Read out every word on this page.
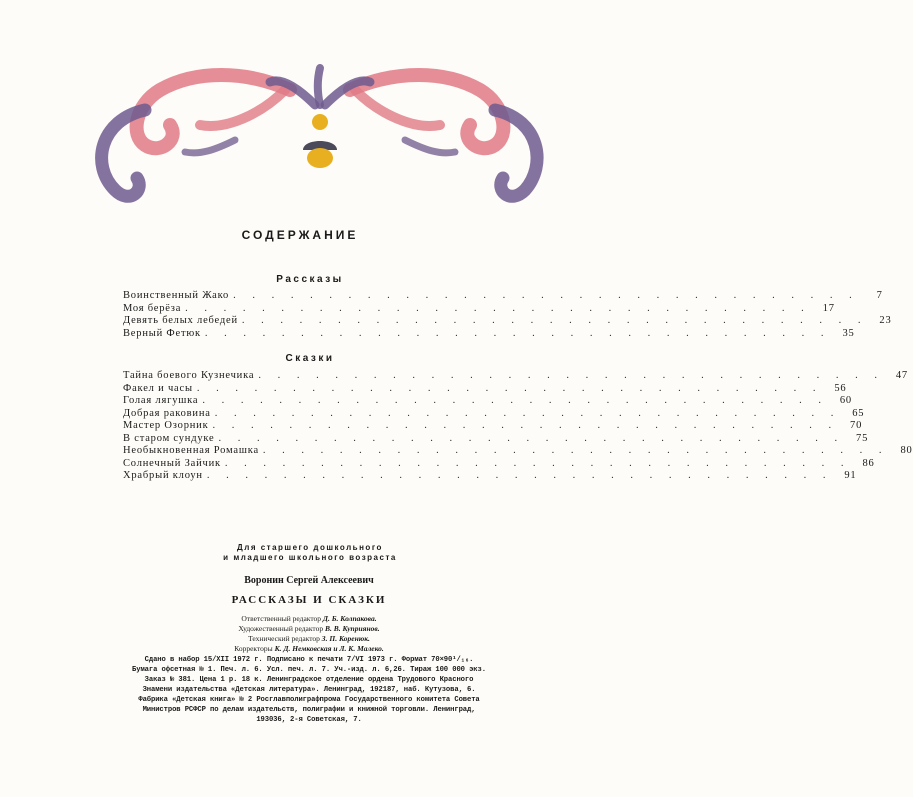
СОДЕРЖАНИЕ
Рассказы
Воинственный Жако . . . . . . . . . . . . . . . . . . . . . . . . . . . . . . . . .	7
Моя берёза . . . . . . . . . . . . . . . . . . . . . . . . . . . . . . . . .	17
Девять белых лебедей . . . . . . . . . . . . . . . . . . . . . . . . . . . . . . . . .	23
Верный Фетюк . . . . . . . . . . . . . . . . . . . . . . . . . . . . . . . . .	35
Сказки
Тайна боевого Кузнечика . . . . . . . . . . . . . . . . . . . . . . . . . . . . . . . . .	47
Факел и часы . . . . . . . . . . . . . . . . . . . . . . . . . . . . . . . . .	56
Голая лягушка . . . . . . . . . . . . . . . . . . . . . . . . . . . . . . . . .	60
Добрая раковина . . . . . . . . . . . . . . . . . . . . . . . . . . . . . . . . .	65
Мастер Озорник . . . . . . . . . . . . . . . . . . . . . . . . . . . . . . . . .	70
В старом сундуке . . . . . . . . . . . . . . . . . . . . . . . . . . . . . . . . .	75
Необыкновенная Ромашка . . . . . . . . . . . . . . . . . . . . . . . . . . . . . . . . .	80
Солнечный Зайчик . . . . . . . . . . . . . . . . . . . . . . . . . . . . . . . . .	86
Храбрый клоун . . . . . . . . . . . . . . . . . . . . . . . . . . . . . . . . .	91
Для старшего дошкольного
и младшего школьного возраста
Воронин Сергей Алексеевич
РАССКАЗЫ И СКАЗКИ
Ответственный редактор Д. Б. Колпакова.
Художественный редактор В. В. Куприянов.
Технический редактор З. П. Коренюк.
Корректоры К. Д. Немковская и Л. К. Малеко.
Сдано в набор 15/XII 1972 г. Подписано к печати 7/VI 1973 г. Формат 70×90¹/₁₆.
Бумага офсетная № 1. Печ. л. 6. Усл. печ. л. 7. Уч.-изд. л. 6,26. Тираж 100 000 экз.
Заказ № 381. Цена 1 р. 18 к. Ленинградское отделение ордена Трудового Красного
Знамени издательства «Детская литература». Ленинград, 192187, наб. Кутузова, 6.
Фабрика «Детская книга» № 2 Росглавполиграфпрома Государственного комитета Совета
Министров РСФСР по делам издательств, полиграфии и книжной торговли. Ленинград,
193036, 2-я Советская, 7.
